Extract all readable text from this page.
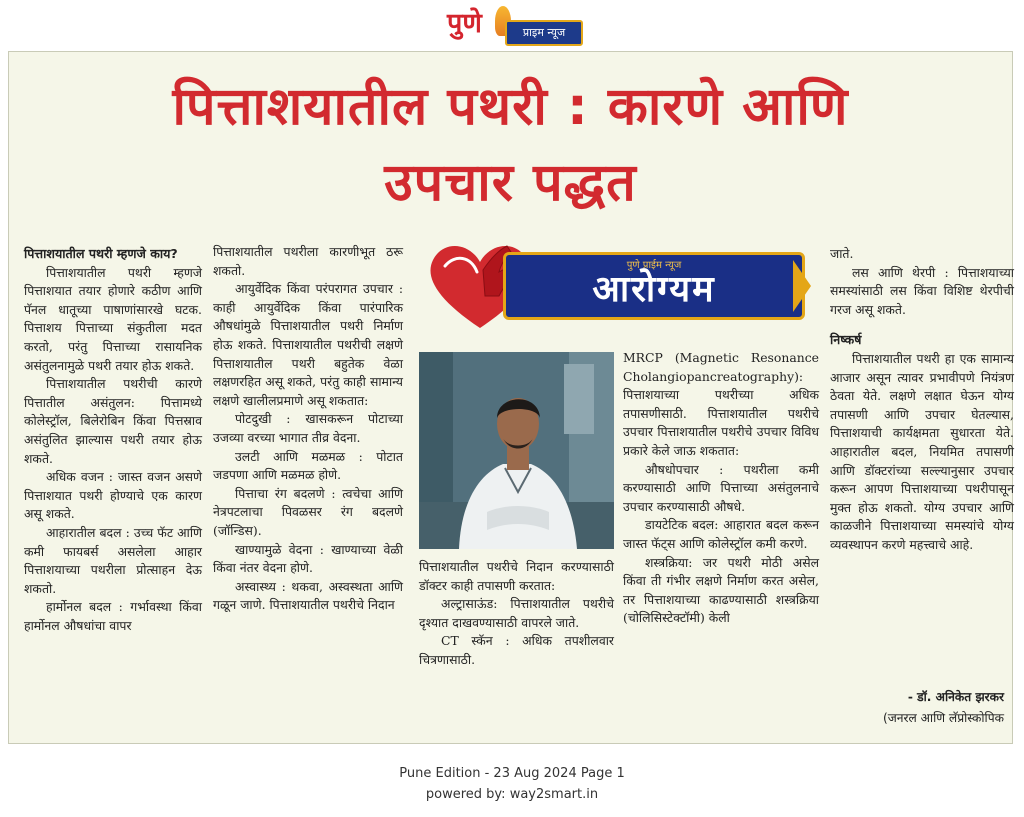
पुणे	प्राइम न्यूज
पित्ताशयातील पथरी : कारणे आणि
उपचार पद्धत

पित्ताशयातील पथरी म्हणजे काय?

पित्ताशयातील पथरी म्हणजे पित्ताशयात तयार होणारे कठीण आणि पॅनल धातूच्या पाषाणांसारखे घटक. पित्ताशय पित्ताच्या संकुतीला मदत करतो, परंतु पित्ताच्या रासायनिक असंतुलनामुळे पथरी तयार होऊ शकते.

पित्ताशयातील पथरीची कारणे पित्तातील असंतुलन: पित्तामध्ये कोलेस्ट्रॉल, बिलेरोबिन किंवा पित्तस्राव असंतुलित झाल्यास पथरी तयार होऊ शकते.

अधिक वजन : जास्त वजन असणे पित्ताशयात पथरी होण्याचे एक कारण असू शकते.

आहारातील बदल : उच्च फॅट आणि कमी फायबर्स असलेला आहार पित्ताशयाच्या पथरीला प्रोत्साहन देऊ शकतो.

हार्मोनल बदल : गर्भावस्था किंवा हार्मोनल औषधांचा वापर

पित्ताशयातील पथरीला कारणीभूत ठरू शकतो.

आयुर्वेदिक किंवा परंपरागत उपचार : काही आयुर्वेदिक किंवा पारंपारिक औषधांमुळे पित्ताशयातील पथरी निर्माण होऊ शकते. पित्ताशयातील पथरीची लक्षणे पित्ताशयातील पथरी बहुतेक वेळा लक्षणरहित असू शकते, परंतु काही सामान्य लक्षणे खालीलप्रमाणे असू शकतात:

पोटदुखी : खासकरून पोटाच्या उजव्या वरच्या भागात तीव्र वेदना.

उलटी आणि मळमळ : पोटात जडपणा आणि मळमळ होणे.

पित्ताचा रंग बदलणे : त्वचेचा आणि नेत्रपटलाचा पिवळसर रंग बदलणे (जॉन्डिस).

खाण्यामुळे वेदना : खाण्याच्या वेळी किंवा नंतर वेदना होणे.

अस्वास्थ्य : थकवा, अस्वस्थता आणि गळून जाणे. पित्ताशयातील पथरीचे निदान

पुणे प्राईम न्यूज
आरोग्यम

पित्ताशयातील पथरीचे निदान करण्यासाठी डॉक्टर काही तपासणी करतात:

अल्ट्रासाऊंड: पित्ताशयातील पथरीचे दृश्यात दाखवण्यासाठी वापरले जाते.

CT स्कॅन : अधिक तपशीलवार चित्रणासाठी.

MRCP (Magnetic Resonance Cholangiopancreatography): पित्ताशयाच्या पथरीच्या अधिक तपासणीसाठी. पित्ताशयातील पथरीचे उपचार पित्ताशयातील पथरीचे उपचार विविध प्रकारे केले जाऊ शकतात:

औषधोपचार : पथरीला कमी करण्यासाठी आणि पित्ताच्या असंतुलनाचे उपचार करण्यासाठी औषधे.

डायटेटिक बदल: आहारात बदल करून जास्त फॅट्स आणि कोलेस्ट्रॉल कमी करणे.

शस्त्रक्रिया: जर पथरी मोठी असेल किंवा ती गंभीर लक्षणे निर्माण करत असेल, तर पित्ताशयाच्या काढण्यासाठी शस्त्रक्रिया (चोलिसिस्टेक्टॉमी) केली

जाते.

लस आणि थेरपी : पित्ताशयाच्या समस्यांसाठी लस किंवा विशिष्ट थेरपीची गरज असू शकते.

निष्कर्ष

पित्ताशयातील पथरी हा एक सामान्य आजार असून त्यावर प्रभावीपणे नियंत्रण ठेवता येते. लक्षणे लक्षात घेऊन योग्य तपासणी आणि उपचार घेतल्यास, पित्ताशयाची कार्यक्षमता सुधारता येते. आहारातील बदल, नियमित तपासणी आणि डॉक्टरांच्या सल्ल्यानुसार उपचार करून आपण पित्ताशयाच्या पथरीपासून मुक्त होऊ शकतो. योग्य उपचार आणि काळजीने पित्ताशयाच्या समस्यांचे योग्य व्यवस्थापन करणे महत्त्वाचे आहे.

- डॉ. अनिकेत झरकर
(जनरल आणि लॅप्रोस्कोपिक
Pune Edition - 23 Aug 2024 Page 1
powered by: way2smart.in
